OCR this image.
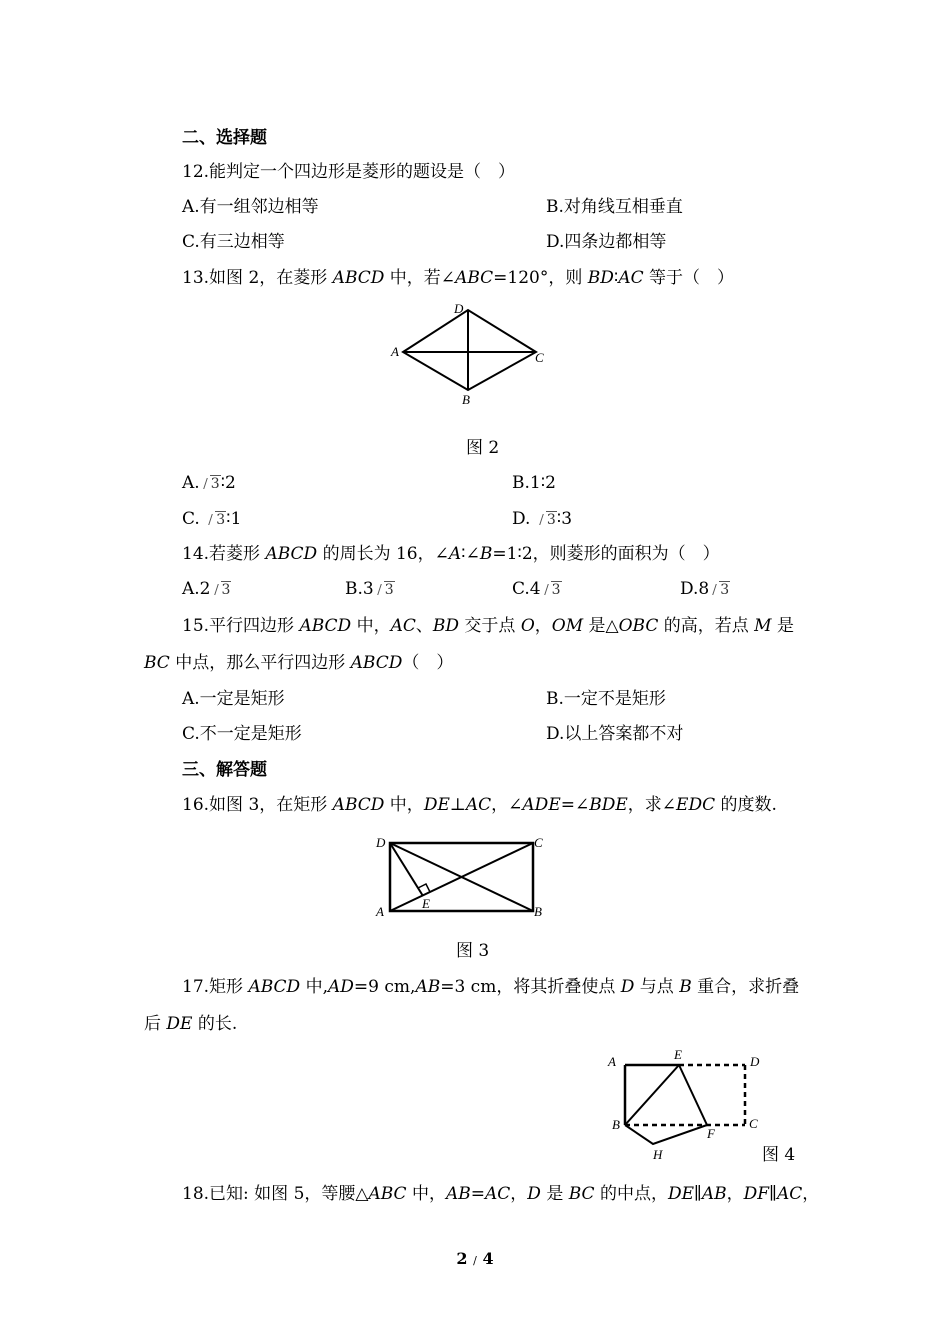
二、选择题
12.能判定一个四边形是菱形的题设是（　）
A.有一组邻边相等	B.对角线互相垂直
C.有三边相等	D.四条边都相等
13.如图 2，在菱形 ABCD 中，若∠ABC=120°，则 BD∶AC 等于（　）
A
D
C
B
图 2
A. 3∶2	B.1∶2
C. 3∶1	D. 3∶3
14.若菱形 ABCD 的周长为 16，∠A∶∠B=1∶2，则菱形的面积为（　）
A.2 3	B.3 3	C.4 3	D.8 3
15.平行四边形 ABCD 中，AC、BD 交于点 O，OM 是△OBC 的高，若点 M 是
BC 中点，那么平行四边形 ABCD（　）
A.一定是矩形	B.一定不是矩形
C.不一定是矩形	D.以上答案都不对
三、解答题
16.如图 3，在矩形 ABCD 中，DE⊥AC，∠ADE=∠BDE，求∠EDC 的度数.
D	C
A
E
B
图 3
17.矩形 ABCD 中,AD=9 cm,AB=3 cm，将其折叠使点 D 与点 B 重合，求折叠
后 DE 的长.
A	E	D
B
F
C
H	图 4
18.已知: 如图 5，等腰△ABC 中，AB=AC，D 是 BC 的中点，DE∥AB，DF∥AC，
2 / 4
